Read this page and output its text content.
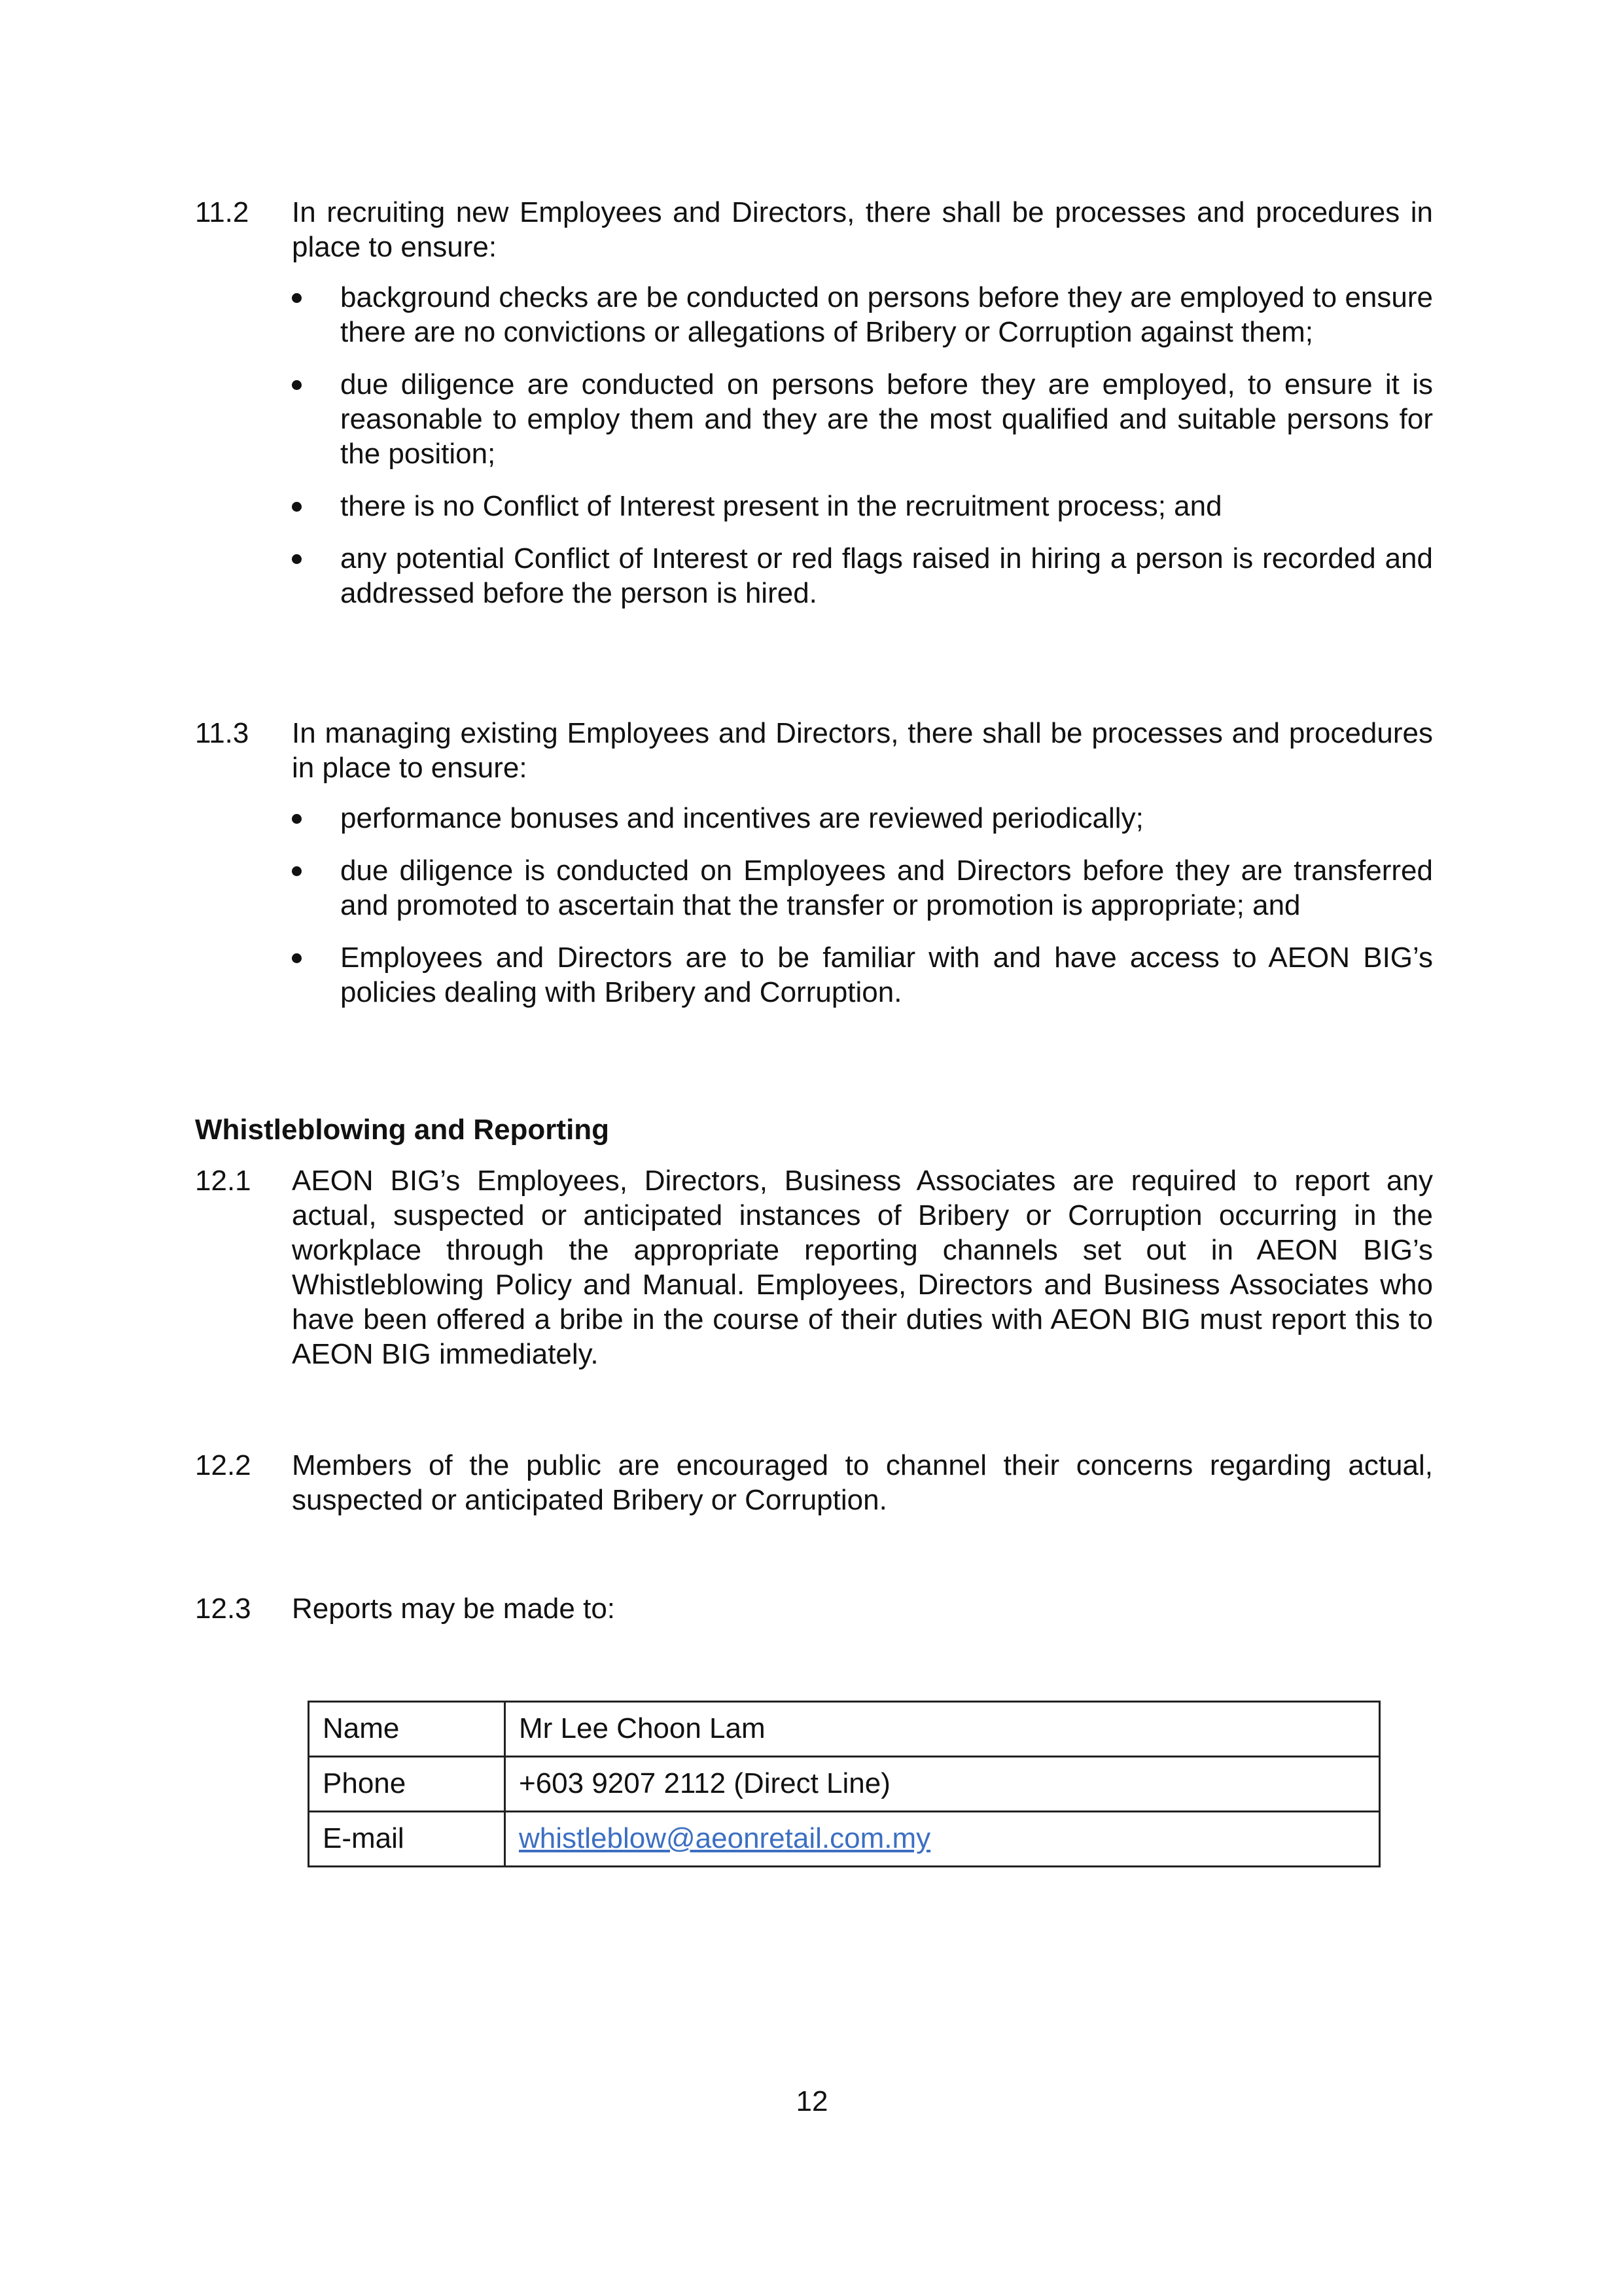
11.2	In recruiting new Employees and Directors, there shall be processes and procedures in place to ensure:
background checks are be conducted on persons before they are employed to ensure there are no convictions or allegations of Bribery or Corruption against them;
due diligence are conducted on persons before they are employed, to ensure it is reasonable to employ them and they are the most qualified and suitable persons for the position;
there is no Conflict of Interest present in the recruitment process; and
any potential Conflict of Interest or red flags raised in hiring a person is recorded and addressed before the person is hired.
11.3	In managing existing Employees and Directors, there shall be processes and procedures in place to ensure:
performance bonuses and incentives are reviewed periodically;
due diligence is conducted on Employees and Directors before they are transferred and promoted to ascertain that the transfer or promotion is appropriate; and
Employees and Directors are to be familiar with and have access to AEON BIG’s policies dealing with Bribery and Corruption.
Whistleblowing and Reporting
12.1	AEON BIG’s Employees, Directors, Business Associates are required to report any actual, suspected or anticipated instances of Bribery or Corruption occurring in the workplace through the appropriate reporting channels set out in AEON BIG’s Whistleblowing Policy and Manual. Employees, Directors and Business Associates who have been offered a bribe in the course of their duties with AEON BIG must report this to AEON BIG immediately.
12.2	Members of the public are encouraged to channel their concerns regarding actual, suspected or anticipated Bribery or Corruption.
12.3	Reports may be made to:
Name	Mr Lee Choon Lam
Phone	+603 9207 2112 (Direct Line)
E-mail	whistleblow@aeonretail.com.my
12
